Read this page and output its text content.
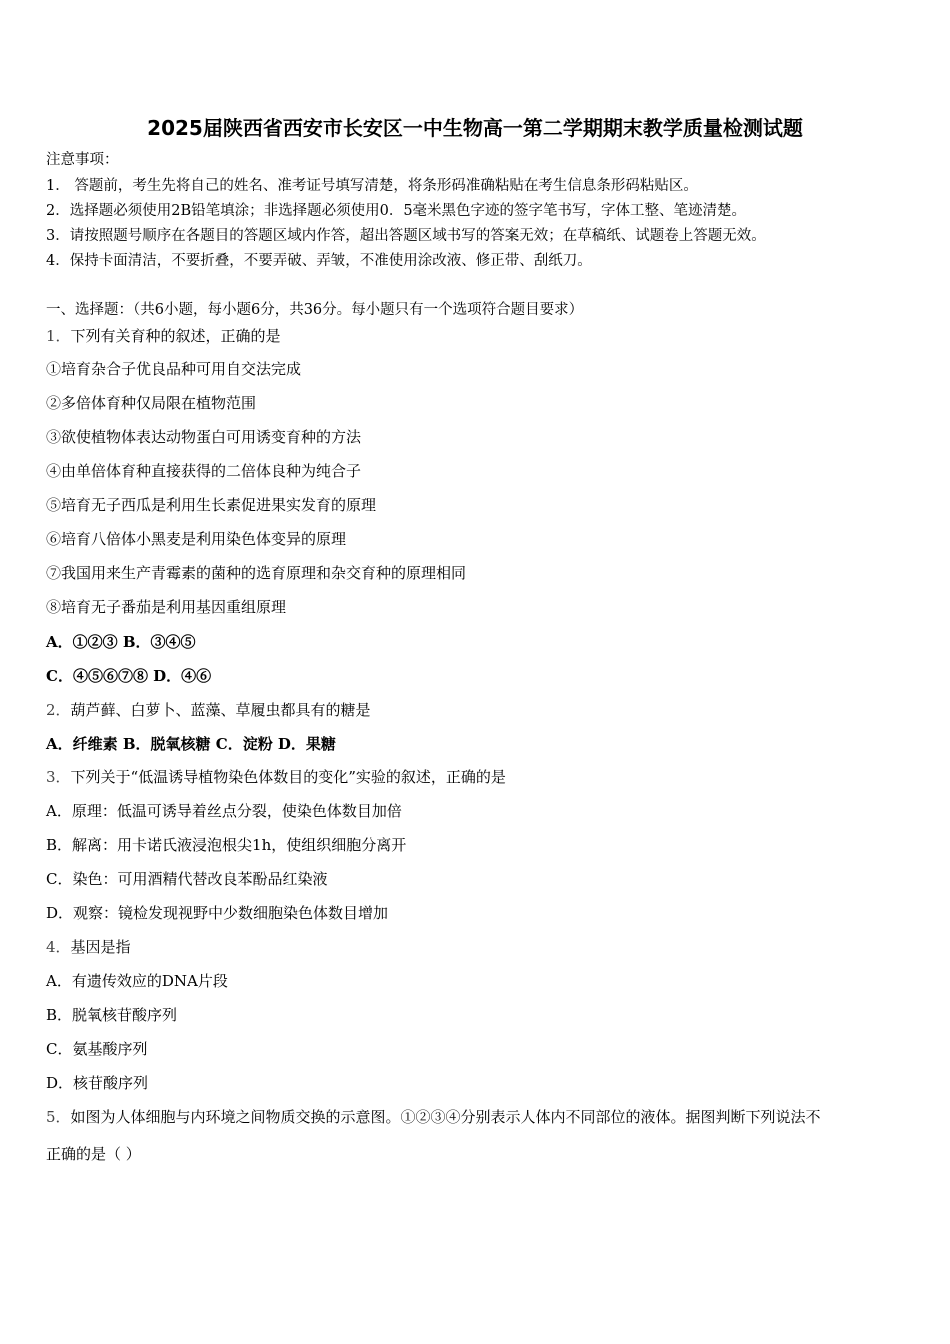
2025届陕西省西安市长安区一中生物高一第二学期期末教学质量检测试题
注意事项：
1． 答题前，考生先将自己的姓名、准考证号填写清楚，将条形码准确粘贴在考生信息条形码粘贴区。
2．选择题必须使用2B铅笔填涂；非选择题必须使用0．5毫米黑色字迹的签字笔书写，字体工整、笔迹清楚。
3．请按照题号顺序在各题目的答题区域内作答，超出答题区域书写的答案无效；在草稿纸、试题卷上答题无效。
4．保持卡面清洁，不要折叠，不要弄破、弄皱，不准使用涂改液、修正带、刮纸刀。
一、选择题：（共6小题，每小题6分，共36分。每小题只有一个选项符合题目要求）
1．下列有关育种的叙述，正确的是
①培育杂合子优良品种可用自交法完成
②多倍体育种仅局限在植物范围
③欲使植物体表达动物蛋白可用诱变育种的方法
④由单倍体育种直接获得的二倍体良种为纯合子
⑤培育无子西瓜是利用生长素促进果实发育的原理
⑥培育八倍体小黑麦是利用染色体变异的原理
⑦我国用来生产青霉素的菌种的选育原理和杂交育种的原理相同
⑧培育无子番茄是利用基因重组原理
A．①②③ B．③④⑤
C．④⑤⑥⑦⑧ D．④⑥
2．葫芦藓、白萝卜、蓝藻、草履虫都具有的糖是
A．纤维素 B．脱氧核糖 C．淀粉 D．果糖
3．下列关于“低温诱导植物染色体数目的变化”实验的叙述，正确的是
A．原理：低温可诱导着丝点分裂，使染色体数目加倍
B．解离：用卡诺氏液浸泡根尖1h，使组织细胞分离开
C．染色：可用酒精代替改良苯酚品红染液
D．观察：镜检发现视野中少数细胞染色体数目增加
4．基因是指
A．有遗传效应的DNA片段
B．脱氧核苷酸序列
C．氨基酸序列
D．核苷酸序列
5．如图为人体细胞与内环境之间物质交换的示意图。①②③④分别表示人体内不同部位的液体。据图判断下列说法不
正确的是（ ）
